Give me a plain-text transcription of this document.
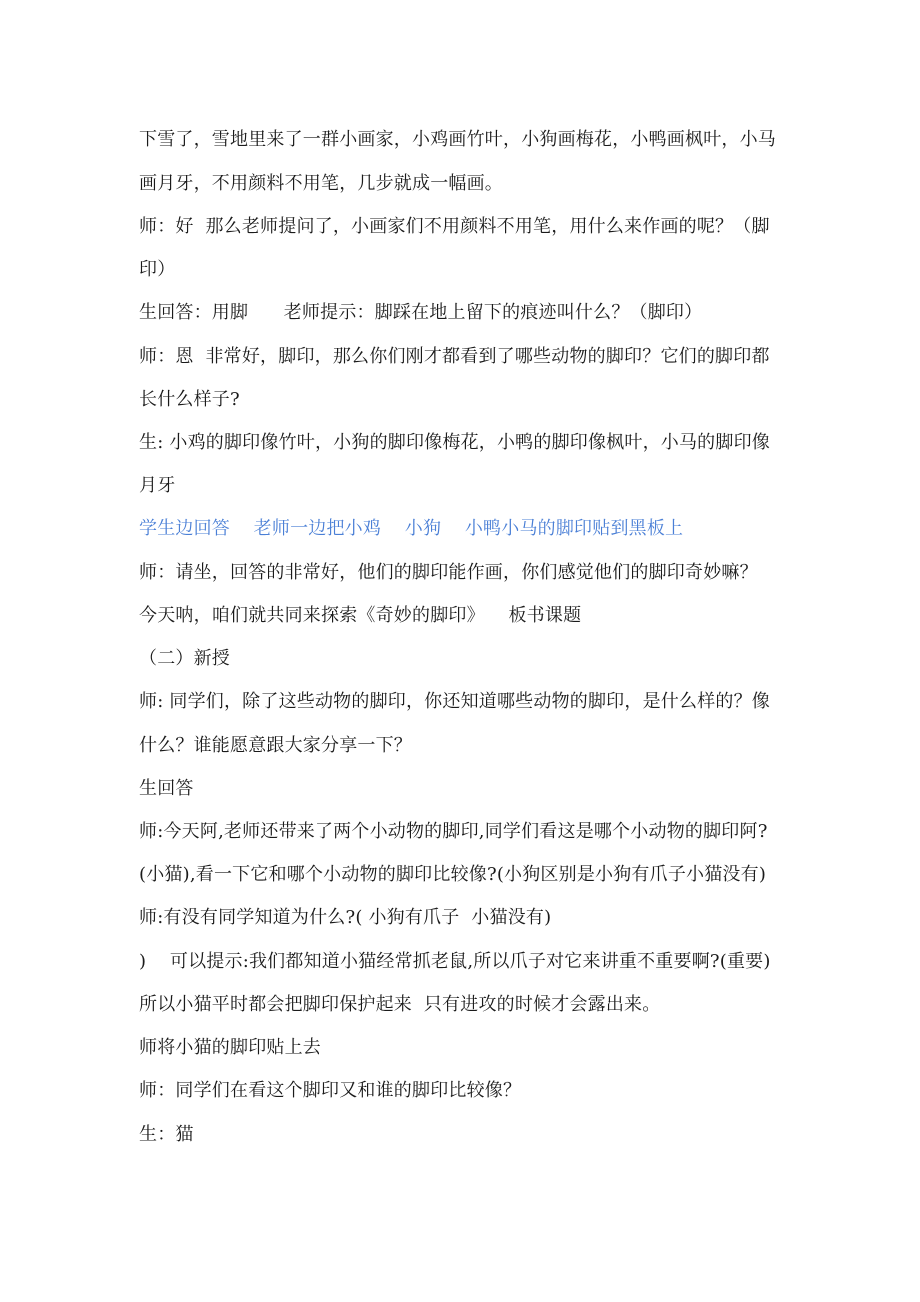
下雪了，雪地里来了一群小画家，小鸡画竹叶，小狗画梅花，小鸭画枫叶，小马
画月牙，不用颜料不用笔，几步就成一幅画。
师：好  那么老师提问了，小画家们不用颜料不用笔，用什么来作画的呢？（脚
印）
生回答：用脚      老师提示：脚踩在地上留下的痕迹叫什么？（脚印）
师：恩  非常好，脚印，那么你们刚才都看到了哪些动物的脚印？它们的脚印都
长什么样子?
生: 小鸡的脚印像竹叶，小狗的脚印像梅花，小鸭的脚印像枫叶，小马的脚印像
月牙
学生边回答    老师一边把小鸡    小狗    小鸭小马的脚印贴到黑板上
师：请坐，回答的非常好，他们的脚印能作画，你们感觉他们的脚印奇妙嘛？
今天呐，咱们就共同来探索《奇妙的脚印》    板书课题
（二）新授
师: 同学们，除了这些动物的脚印，你还知道哪些动物的脚印，是什么样的？像
什么？谁能愿意跟大家分享一下？
生回答
师:今天阿,老师还带来了两个小动物的脚印,同学们看这是哪个小动物的脚印阿?
(小猫),看一下它和哪个小动物的脚印比较像?(小狗区别是小狗有爪子小猫没有)
师:有没有同学知道为什么?( 小狗有爪子  小猫没有)
)    可以提示:我们都知道小猫经常抓老鼠,所以爪子对它来讲重不重要啊?(重要)
所以小猫平时都会把脚印保护起来  只有进攻的时候才会露出来。
师将小猫的脚印贴上去
师：同学们在看这个脚印又和谁的脚印比较像？
生：猫
